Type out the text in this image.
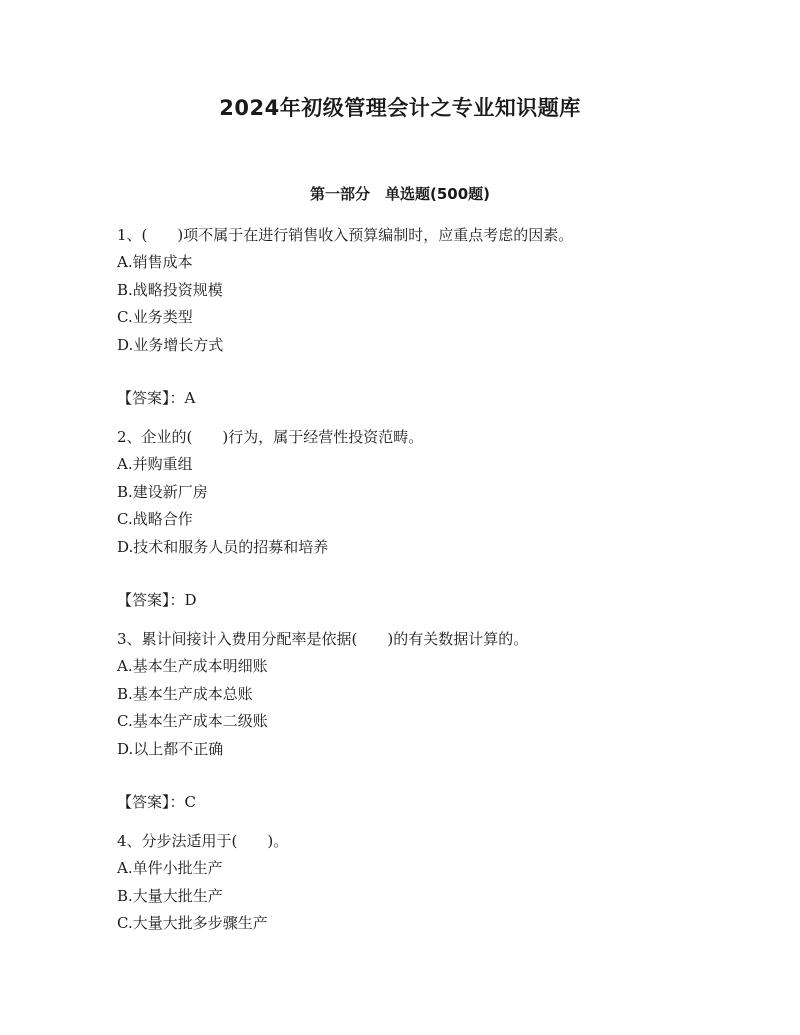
2024年初级管理会计之专业知识题库
第一部分　单选题(500题)
1、(　　)项不属于在进行销售收入预算编制时，应重点考虑的因素。
A.销售成本
B.战略投资规模
C.业务类型
D.业务增长方式
【答案】：A
2、企业的(　　)行为，属于经营性投资范畴。
A.并购重组
B.建设新厂房
C.战略合作
D.技术和服务人员的招募和培养
【答案】：D
3、累计间接计入费用分配率是依据(　　)的有关数据计算的。
A.基本生产成本明细账
B.基本生产成本总账
C.基本生产成本二级账
D.以上都不正确
【答案】：C
4、分步法适用于(　　)。
A.单件小批生产
B.大量大批生产
C.大量大批多步骤生产
